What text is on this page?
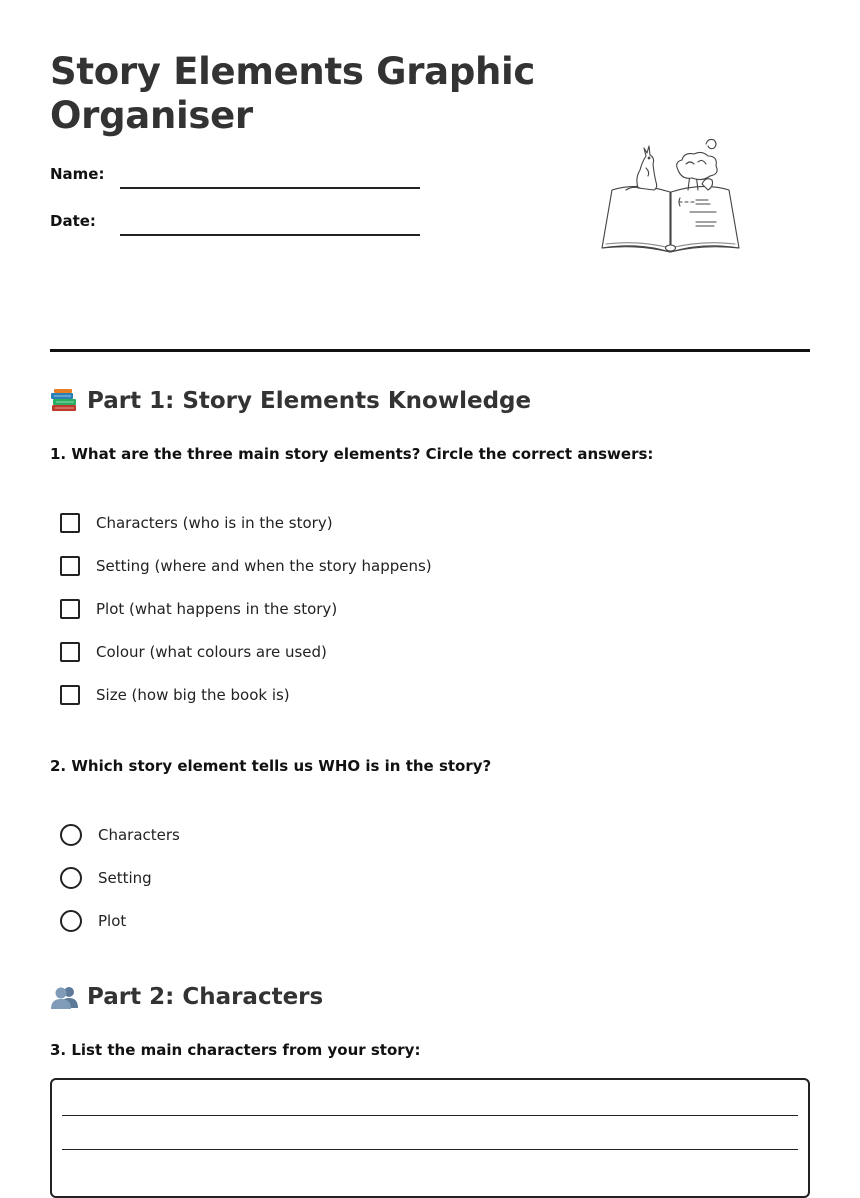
Story Elements Graphic Organiser
Name:
Date:
Part 1: Story Elements Knowledge
1. What are the three main story elements? Circle the correct answers:
Characters (who is in the story)
Setting (where and when the story happens)
Plot (what happens in the story)
Colour (what colours are used)
Size (how big the book is)
2. Which story element tells us WHO is in the story?
Characters
Setting
Plot
Part 2: Characters
3. List the main characters from your story:
